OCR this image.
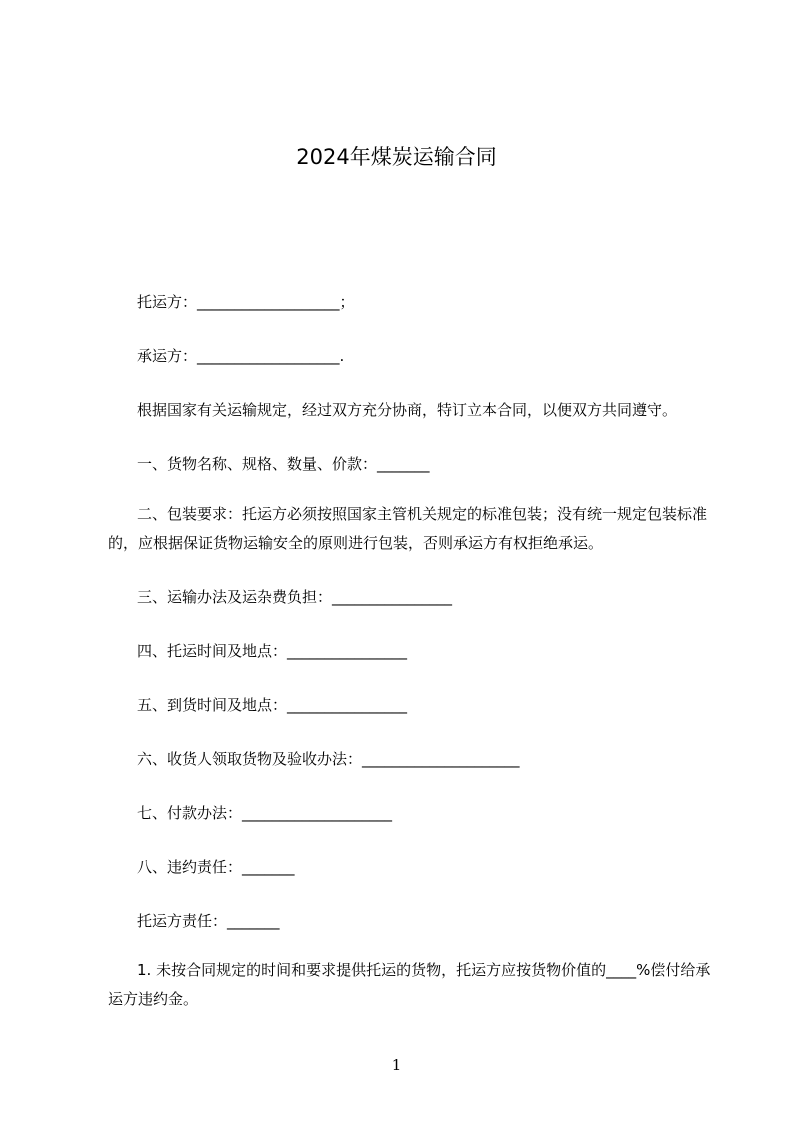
2024年煤炭运输合同
托运方：___________________；
承运方：___________________.
根据国家有关运输规定，经过双方充分协商，特订立本合同，以便双方共同遵守。
一、货物名称、规格、数量、价款：_______
二、包装要求：托运方必须按照国家主管机关规定的标准包装；没有统一规定包装标准的，应根据保证货物运输安全的原则进行包装，否则承运方有权拒绝承运。
三、运输办法及运杂费负担：________________
四、托运时间及地点：________________
五、到货时间及地点：________________
六、收货人领取货物及验收办法：_____________________
七、付款办法：____________________
八、违约责任：_______
托运方责任：_______
1. 未按合同规定的时间和要求提供托运的货物，托运方应按货物价值的____%偿付给承运方违约金。
1
